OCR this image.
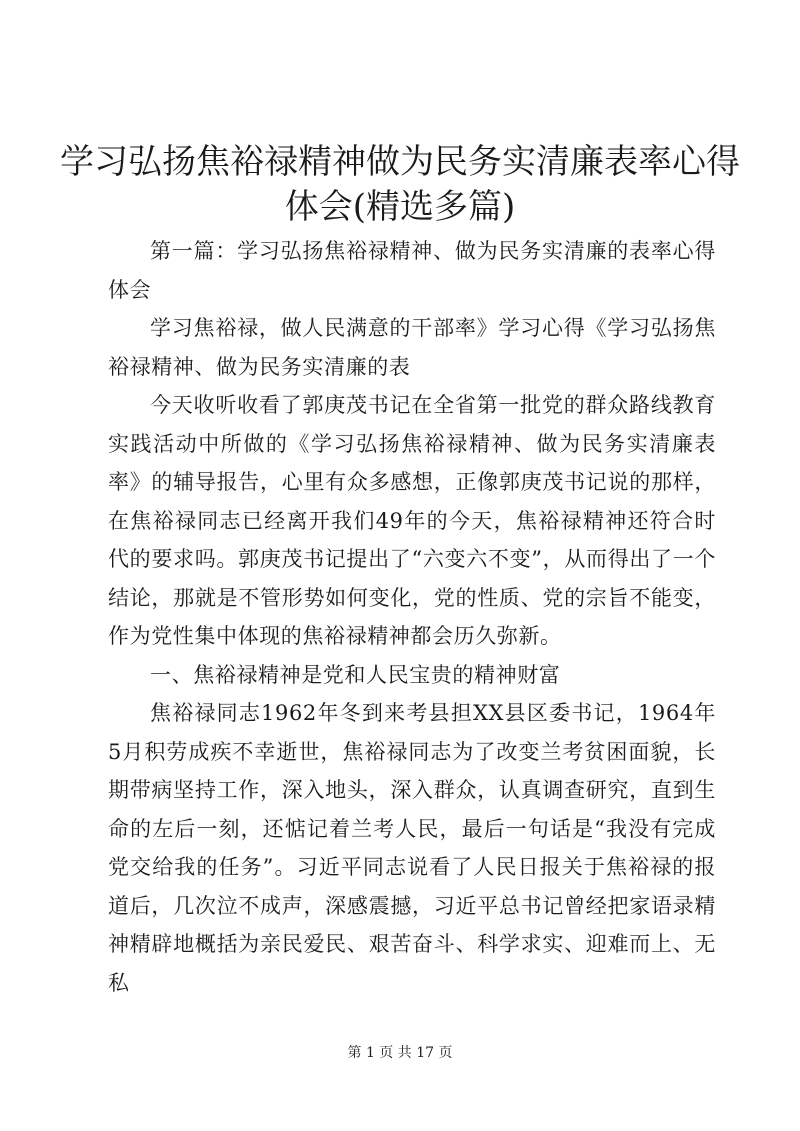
学习弘扬焦裕禄精神做为民务实清廉表率心得
体会(精选多篇)

第一篇：学习弘扬焦裕禄精神、做为民务实清廉的表率心得体会

学习焦裕禄，做人民满意的干部率》学习心得《学习弘扬焦裕禄精神、做为民务实清廉的表

今天收听收看了郭庚茂书记在全省第一批党的群众路线教育实践活动中所做的《学习弘扬焦裕禄精神、做为民务实清廉表率》的辅导报告，心里有众多感想，正像郭庚茂书记说的那样，在焦裕禄同志已经离开我们49年的今天，焦裕禄精神还符合时代的要求吗。郭庚茂书记提出了“六变六不变”，从而得出了一个结论，那就是不管形势如何变化，党的性质、党的宗旨不能变，作为党性集中体现的焦裕禄精神都会历久弥新。

一、焦裕禄精神是党和人民宝贵的精神财富

焦裕禄同志1962年冬到来考县担XX县区委书记，1964年5月积劳成疾不幸逝世，焦裕禄同志为了改变兰考贫困面貌，长期带病坚持工作，深入地头，深入群众，认真调查研究，直到生命的左后一刻，还惦记着兰考人民，最后一句话是“我没有完成党交给我的任务”。习近平同志说看了人民日报关于焦裕禄的报道后，几次泣不成声，深感震撼，习近平总书记曾经把家语录精神精辟地概括为亲民爱民、艰苦奋斗、科学求实、迎难而上、无私

第 1 页 共 17 页
